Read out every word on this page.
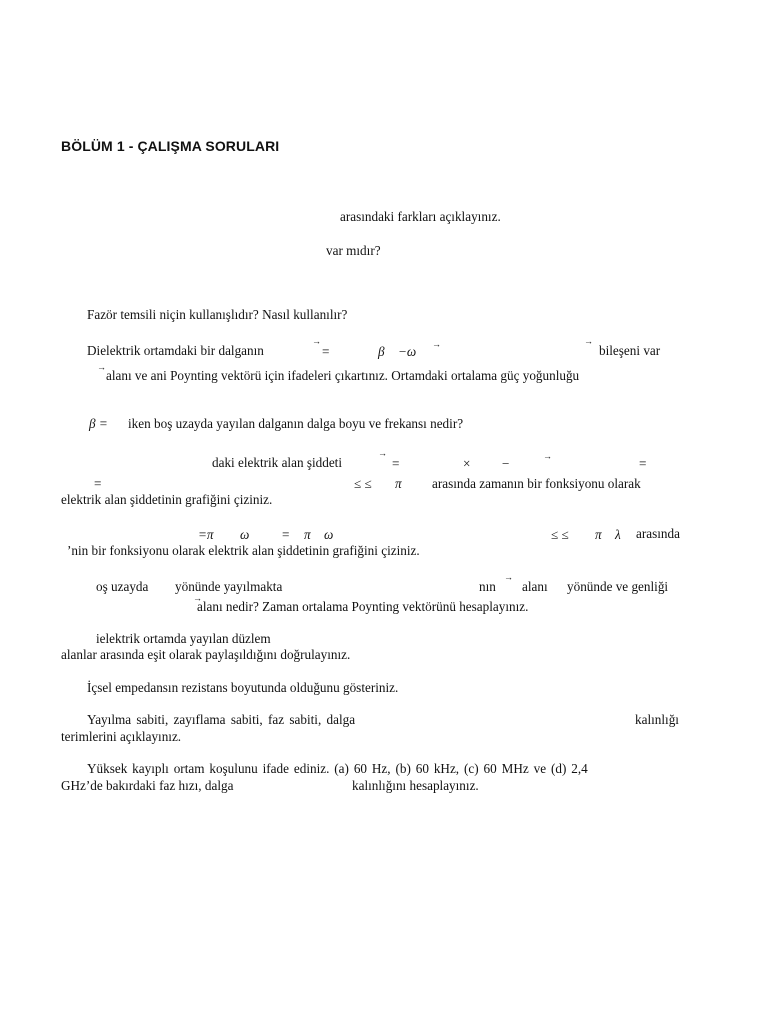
BÖLÜM 1 - ÇALIŞMA SORULARI
arasındaki farkları açıklayınız.
var mıdır?
Fazör temsili niçin kullanışlıdır? Nasıl kullanılır?
Dielektrik ortamdaki bir dalganın
→
=	β −ω →	→
bileşeni var
→
alanı ve ani Poynting vektörü için ifadeleri çıkartınız. Ortamdaki ortalama güç yoğunluğu
β = iken boş uzayda yayılan dalganın dalga boyu ve frekansı nedir?
daki elektrik alan şiddeti
→
=	× −	→	=
=	≤ ≤ π arasında zamanın bir fonksiyonu olarak
elektrik alan şiddetinin grafiğini çiziniz.
=π ω = π ω	≤ ≤ π λ arasında
’nin bir fonksiyonu olarak elektrik alan şiddetinin grafiğini çiziniz.
oş uzayda yönünde yayılmakta	nın
→
alanı yönünde ve genliği
→
alanı nedir? Zaman ortalama Poynting vektörünü hesaplayınız.
ielektrik ortamda yayılan düzlem
alanlar arasında eşit olarak paylaşıldığını doğrulayınız.
İçsel empedansın rezistans boyutunda olduğunu gösteriniz.
Yayılma sabiti, zayıflama sabiti, faz sabiti, dalga	kalınlığı
terimlerini açıklayınız.
Yüksek kayıplı ortam koşulunu ifade ediniz. (a) 60 Hz, (b) 60 kHz, (c) 60 MHz ve (d) 2,4
GHz’de bakırdaki faz hızı, dalga	kalınlığını hesaplayınız.
